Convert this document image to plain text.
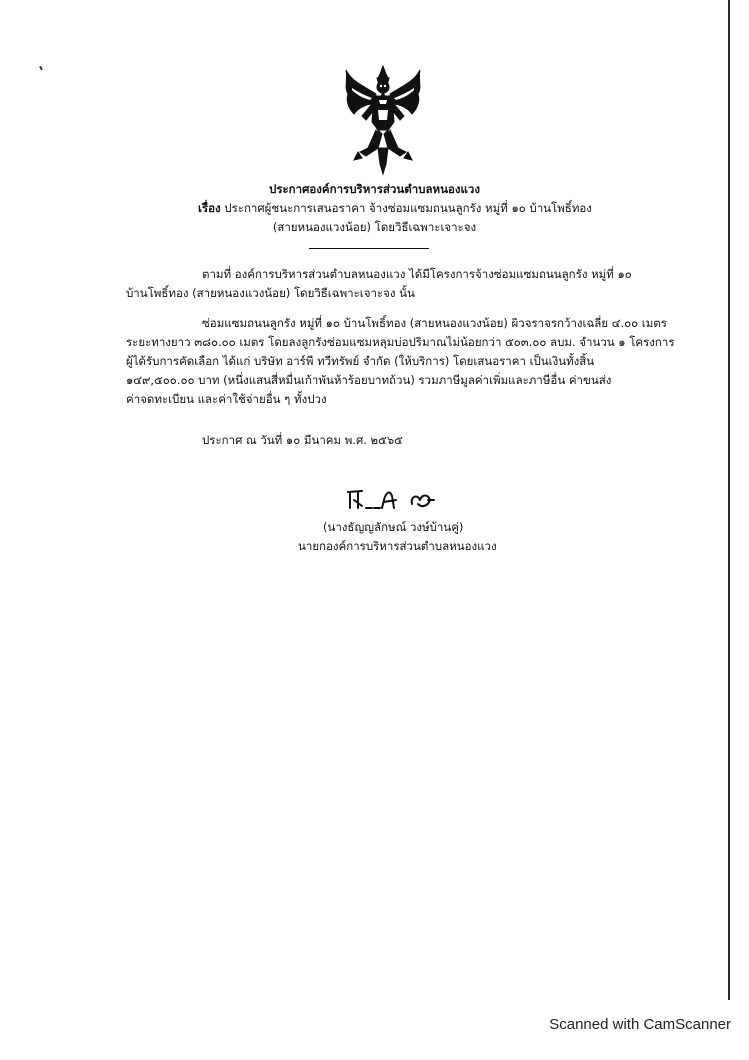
ประกาศองค์การบริหารส่วนตำบลหนองแวง
เรื่อง ประกาศผู้ชนะการเสนอราคา จ้างซ่อมแซมถนนลูกรัง หมู่ที่ ๑๐ บ้านโพธิ์ทอง
(สายหนองแวงน้อย) โดยวิธีเฉพาะเจาะจง
ตามที่ องค์การบริหารส่วนตำบลหนองแวง ได้มีโครงการจ้างซ่อมแซมถนนลูกรัง หมู่ที่ ๑๐
บ้านโพธิ์ทอง (สายหนองแวงน้อย) โดยวิธีเฉพาะเจาะจง นั้น
ซ่อมแซมถนนลูกรัง หมู่ที่ ๑๐ บ้านโพธิ์ทอง (สายหนองแวงน้อย) ผิวจราจรกว้างเฉลี่ย ๔.๐๐ เมตร
ระยะทางยาว ๓๘๐.๐๐ เมตร โดยลงลูกรังซ่อมแซมหลุมบ่อปริมาณไม่น้อยกว่า ๕๐๓.๐๐ ลบม. จำนวน ๑ โครงการ
ผู้ได้รับการคัดเลือก ได้แก่ บริษัท อาร์พี ทวีทรัพย์ จำกัด (ให้บริการ) โดยเสนอราคา เป็นเงินทั้งสิ้น
๑๔๙,๕๐๐.๐๐ บาท (หนึ่งแสนสี่หมื่นเก้าพันห้าร้อยบาทถ้วน) รวมภาษีมูลค่าเพิ่มและภาษีอื่น ค่าขนส่ง
ค่าจดทะเบียน และค่าใช้จ่ายอื่น ๆ ทั้งปวง
ประกาศ ณ วันที่ ๑๐ มีนาคม พ.ศ. ๒๕๖๕
(นางธัญญลักษณ์ วงษ์บ้านคู่)
นายกองค์การบริหารส่วนตำบลหนองแวง
Scanned with CamScanner
